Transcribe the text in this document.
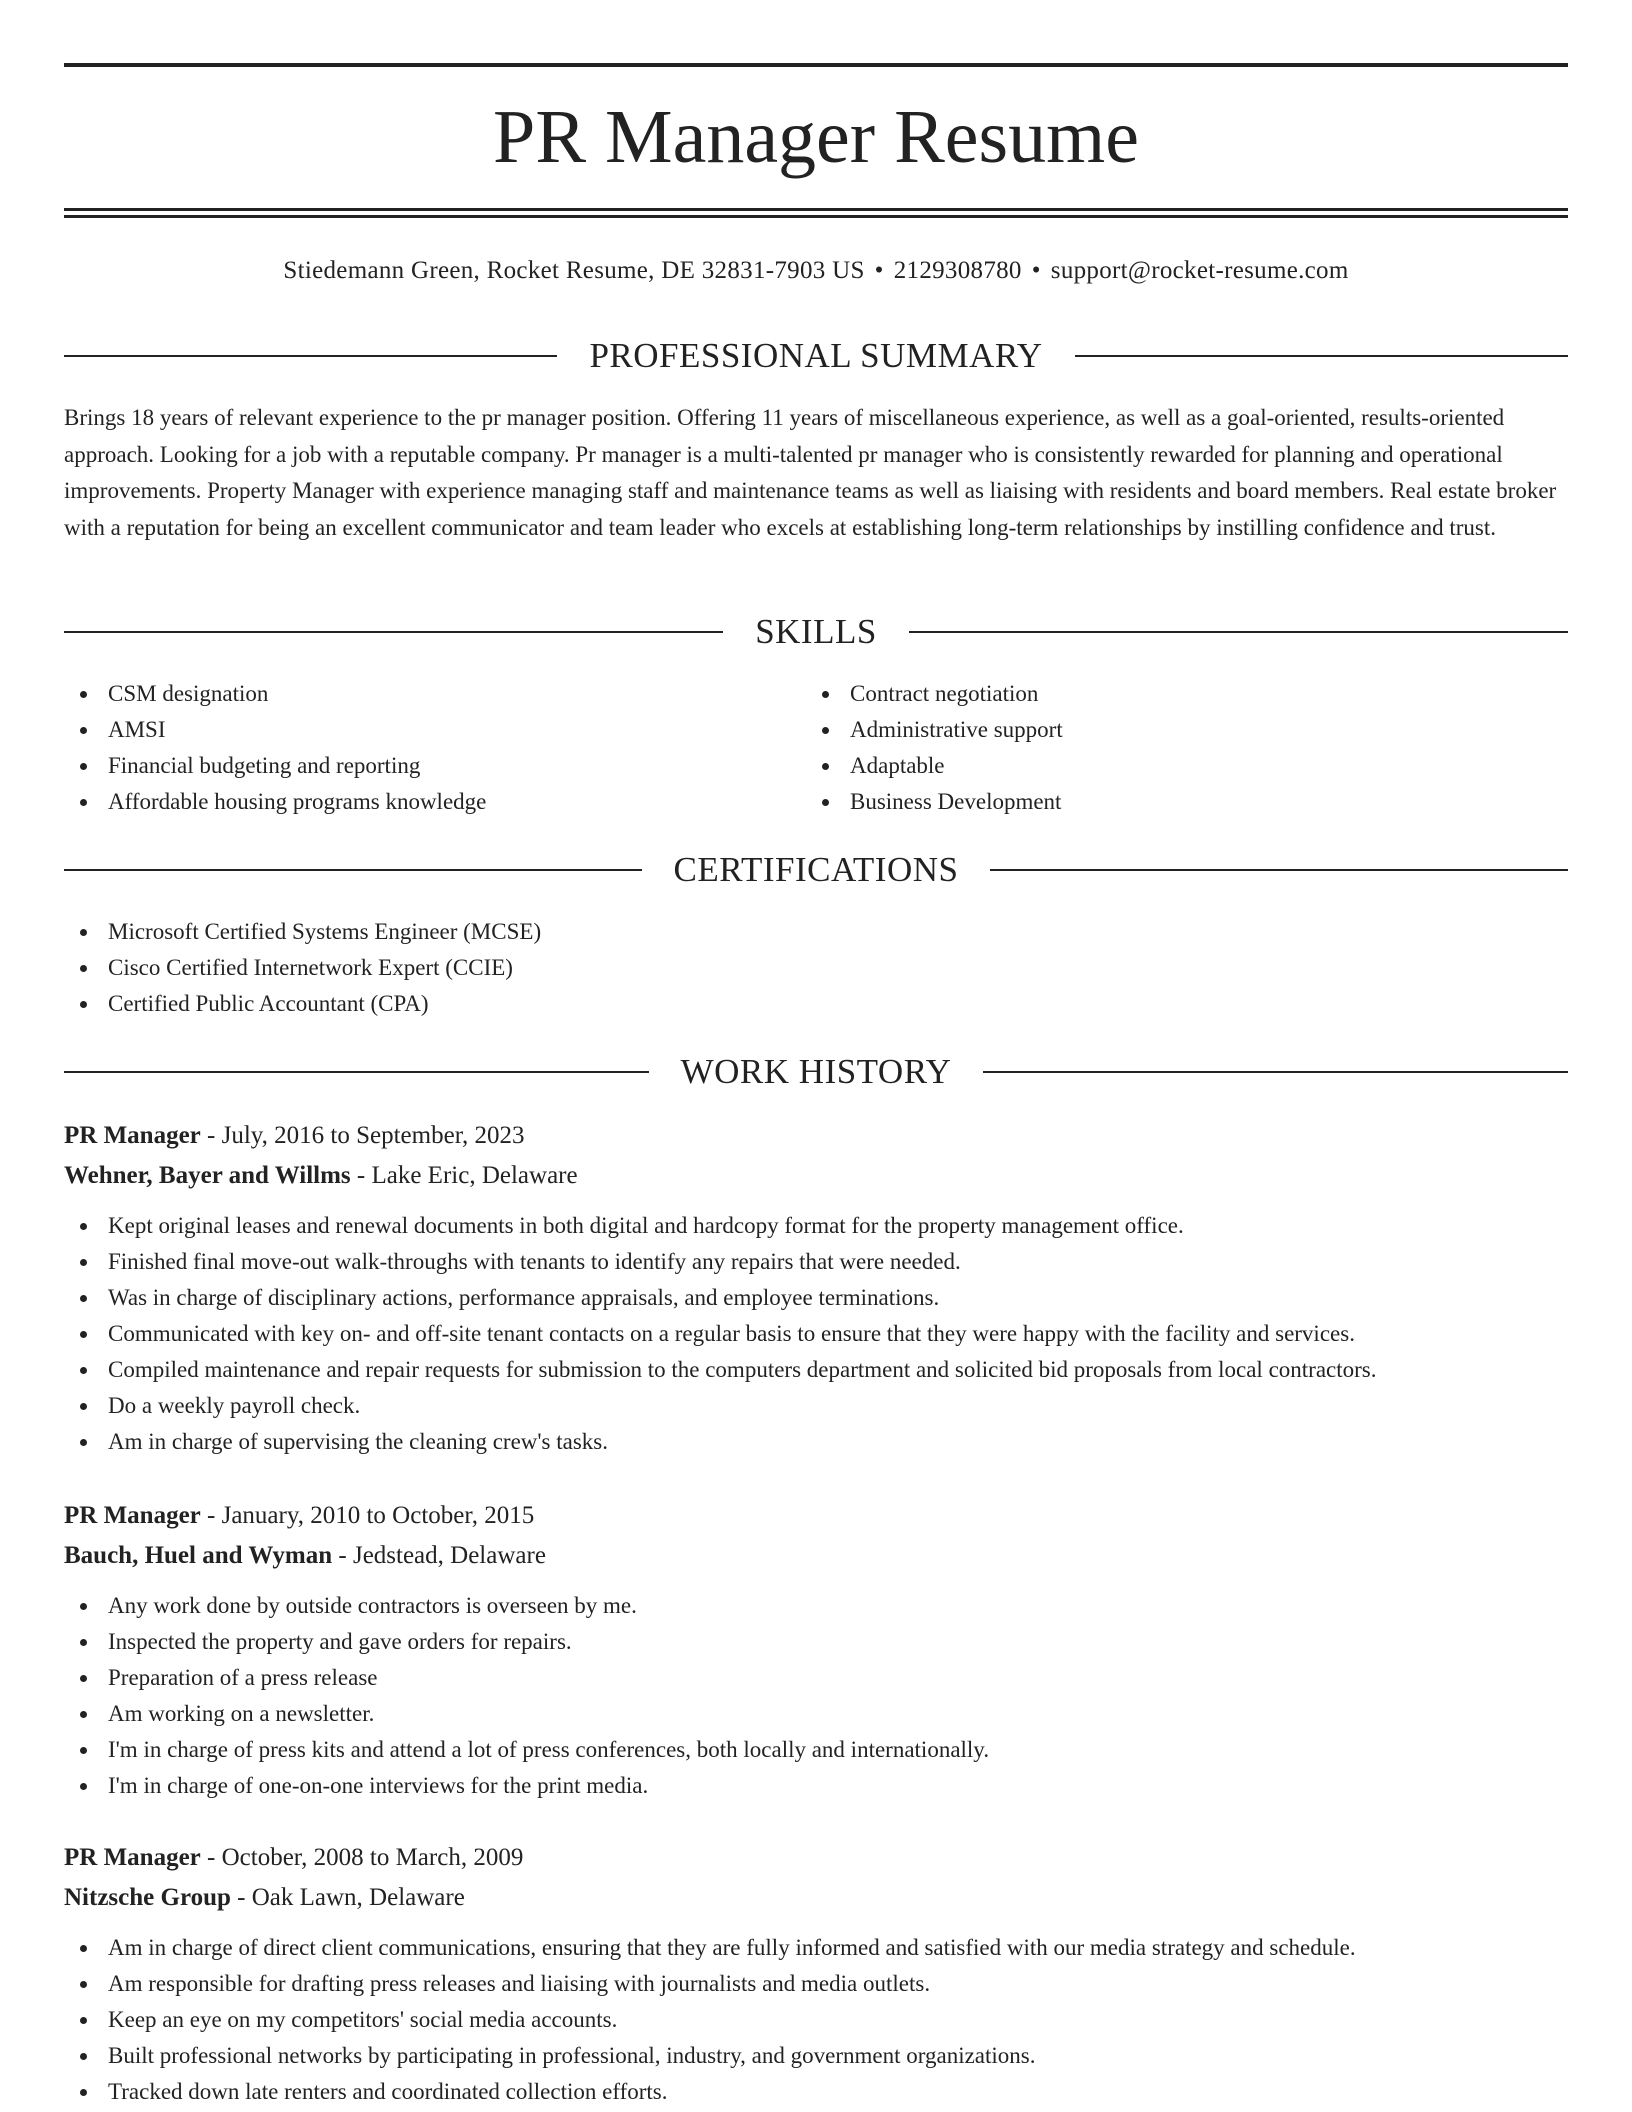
PR Manager Resume
Stiedemann Green, Rocket Resume, DE 32831-7903 US • 2129308780 • support@rocket-resume.com
PROFESSIONAL SUMMARY

Brings 18 years of relevant experience to the pr manager position. Offering 11 years of miscellaneous experience, as well as a goal-oriented, results-oriented approach. Looking for a job with a reputable company. Pr manager is a multi-talented pr manager who is consistently rewarded for planning and operational improvements. Property Manager with experience managing staff and maintenance teams as well as liaising with residents and board members. Real estate broker with a reputation for being an excellent communicator and team leader who excels at establishing long-term relationships by instilling confidence and trust.

SKILLS
CSM designation
AMSI
Financial budgeting and reporting
Affordable housing programs knowledge
Contract negotiation
Administrative support
Adaptable
Business Development
CERTIFICATIONS
Microsoft Certified Systems Engineer (MCSE)
Cisco Certified Internetwork Expert (CCIE)
Certified Public Accountant (CPA)
WORK HISTORY
PR Manager - July, 2016 to September, 2023
Wehner, Bayer and Willms - Lake Eric, Delaware
Kept original leases and renewal documents in both digital and hardcopy format for the property management office.
Finished final move-out walk-throughs with tenants to identify any repairs that were needed.
Was in charge of disciplinary actions, performance appraisals, and employee terminations.
Communicated with key on- and off-site tenant contacts on a regular basis to ensure that they were happy with the facility and services.
Compiled maintenance and repair requests for submission to the computers department and solicited bid proposals from local contractors.
Do a weekly payroll check.
Am in charge of supervising the cleaning crew's tasks.
PR Manager - January, 2010 to October, 2015
Bauch, Huel and Wyman - Jedstead, Delaware
Any work done by outside contractors is overseen by me.
Inspected the property and gave orders for repairs.
Preparation of a press release
Am working on a newsletter.
I'm in charge of press kits and attend a lot of press conferences, both locally and internationally.
I'm in charge of one-on-one interviews for the print media.
PR Manager - October, 2008 to March, 2009
Nitzsche Group - Oak Lawn, Delaware
Am in charge of direct client communications, ensuring that they are fully informed and satisfied with our media strategy and schedule.
Am responsible for drafting press releases and liaising with journalists and media outlets.
Keep an eye on my competitors' social media accounts.
Built professional networks by participating in professional, industry, and government organizations.
Tracked down late renters and coordinated collection efforts.
